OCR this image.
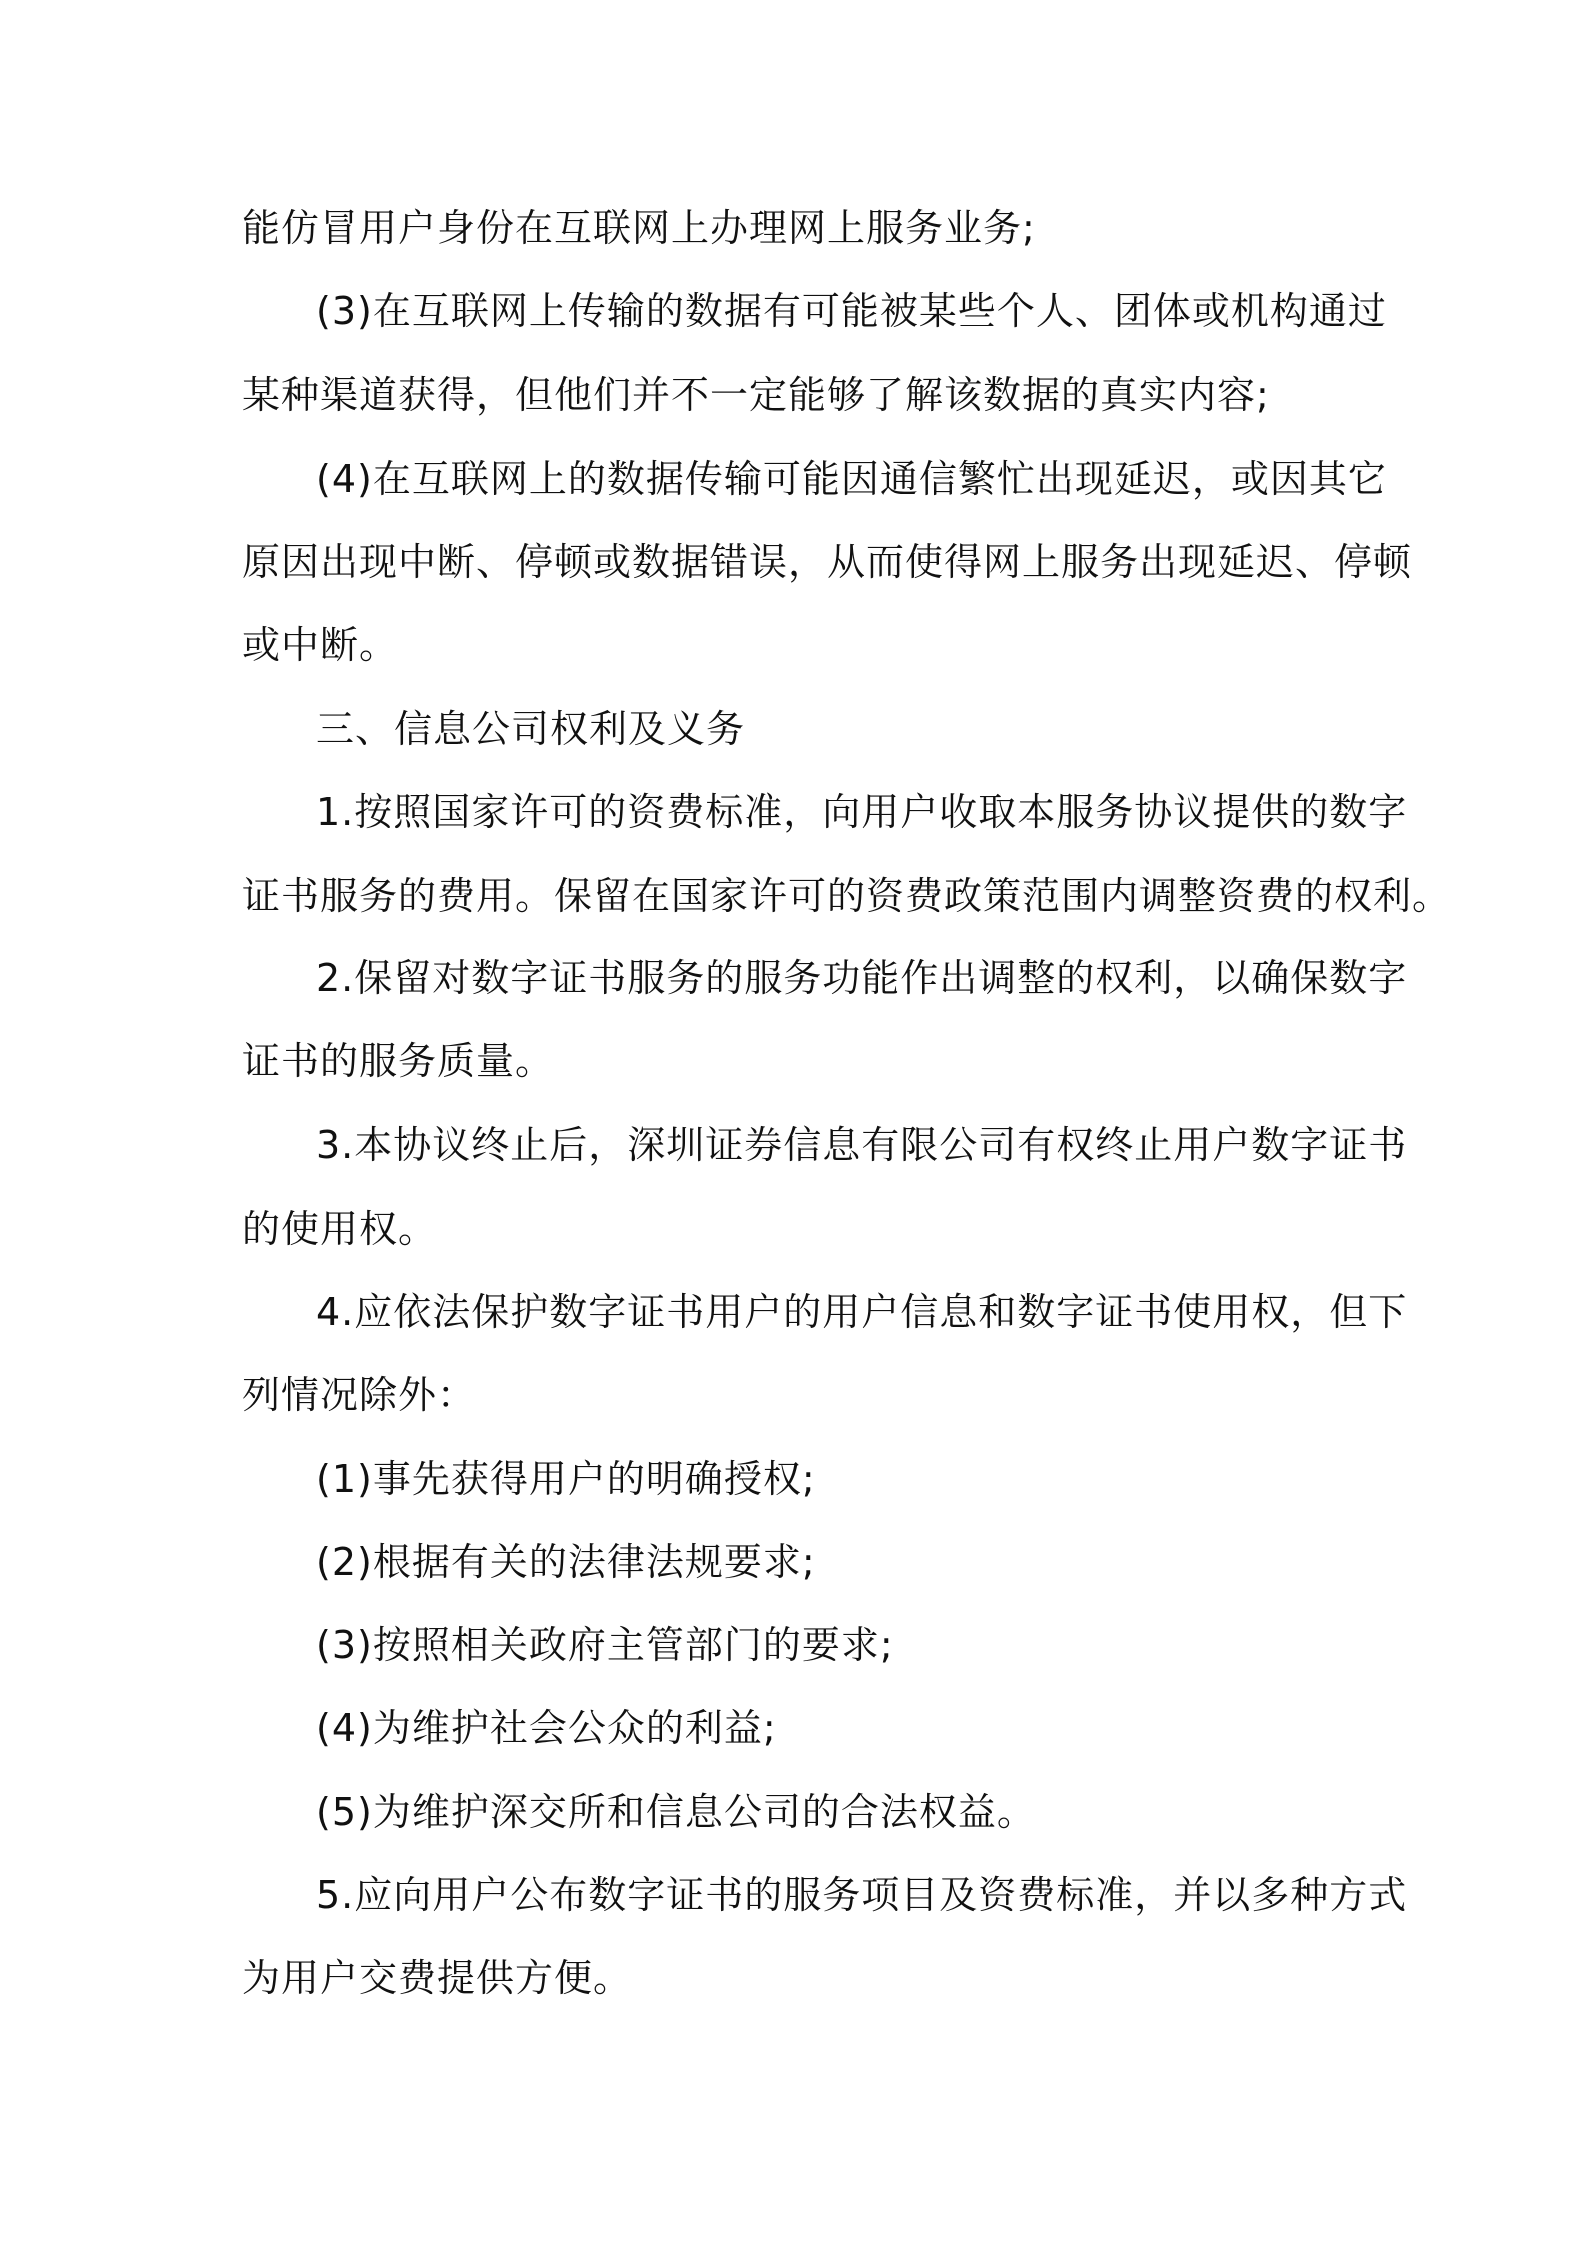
能仿冒用户身份在互联网上办理网上服务业务;
(3)在互联网上传输的数据有可能被某些个人、团体或机构通过
某种渠道获得，但他们并不一定能够了解该数据的真实内容;
(4)在互联网上的数据传输可能因通信繁忙出现延迟，或因其它
原因出现中断、停顿或数据错误，从而使得网上服务出现延迟、停顿
或中断。
三、信息公司权利及义务
1.按照国家许可的资费标准，向用户收取本服务协议提供的数字
证书服务的费用。保留在国家许可的资费政策范围内调整资费的权利。
2.保留对数字证书服务的服务功能作出调整的权利，以确保数字
证书的服务质量。
3.本协议终止后，深圳证券信息有限公司有权终止用户数字证书
的使用权。
4.应依法保护数字证书用户的用户信息和数字证书使用权，但下
列情况除外：
(1)事先获得用户的明确授权;
(2)根据有关的法律法规要求;
(3)按照相关政府主管部门的要求;
(4)为维护社会公众的利益;
(5)为维护深交所和信息公司的合法权益。
5.应向用户公布数字证书的服务项目及资费标准，并以多种方式
为用户交费提供方便。
